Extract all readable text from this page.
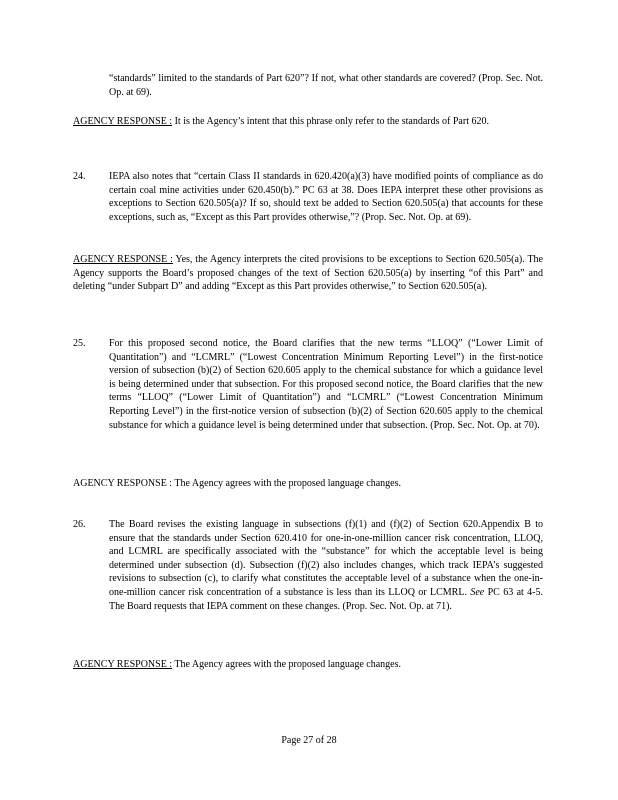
“standards” limited to the standards of Part 620”? If not, what other standards are covered? (Prop. Sec. Not. Op. at 69).
AGENCY RESPONSE : It is the Agency’s intent that this phrase only refer to the standards of Part 620.
24. IEPA also notes that “certain Class II standards in 620.420(a)(3) have modified points of compliance as do certain coal mine activities under 620.450(b).” PC 63 at 38. Does IEPA interpret these other provisions as exceptions to Section 620.505(a)? If so, should text be added to Section 620.505(a) that accounts for these exceptions, such as, “Except as this Part provides otherwise,”? (Prop. Sec. Not. Op. at 69).
AGENCY RESPONSE : Yes, the Agency interprets the cited provisions to be exceptions to Section 620.505(a). The Agency supports the Board’s proposed changes of the text of Section 620.505(a) by inserting “of this Part” and deleting “under Subpart D” and adding “Except as this Part provides otherwise,” to Section 620.505(a).
25. For this proposed second notice, the Board clarifies that the new terms “LLOQ” (“Lower Limit of Quantitation”) and “LCMRL” (“Lowest Concentration Minimum Reporting Level”) in the first-notice version of subsection (b)(2) of Section 620.605 apply to the chemical substance for which a guidance level is being determined under that subsection. For this proposed second notice, the Board clarifies that the new terms “LLOQ” (“Lower Limit of Quantitation”) and “LCMRL” (“Lowest Concentration Minimum Reporting Level”) in the first-notice version of subsection (b)(2) of Section 620.605 apply to the chemical substance for which a guidance level is being determined under that subsection. (Prop. Sec. Not. Op. at 70).
AGENCY RESPONSE : The Agency agrees with the proposed language changes.
26. The Board revises the existing language in subsections (f)(1) and (f)(2) of Section 620.Appendix B to ensure that the standards under Section 620.410 for one-in-one-million cancer risk concentration, LLOQ, and LCMRL are specifically associated with the “substance” for which the acceptable level is being determined under subsection (d). Subsection (f)(2) also includes changes, which track IEPA’s suggested revisions to subsection (c), to clarify what constitutes the acceptable level of a substance when the one-in-one-million cancer risk concentration of a substance is less than its LLOQ or LCMRL. See PC 63 at 4-5. The Board requests that IEPA comment on these changes. (Prop. Sec. Not. Op. at 71).
AGENCY RESPONSE : The Agency agrees with the proposed language changes.
Page 27 of 28
